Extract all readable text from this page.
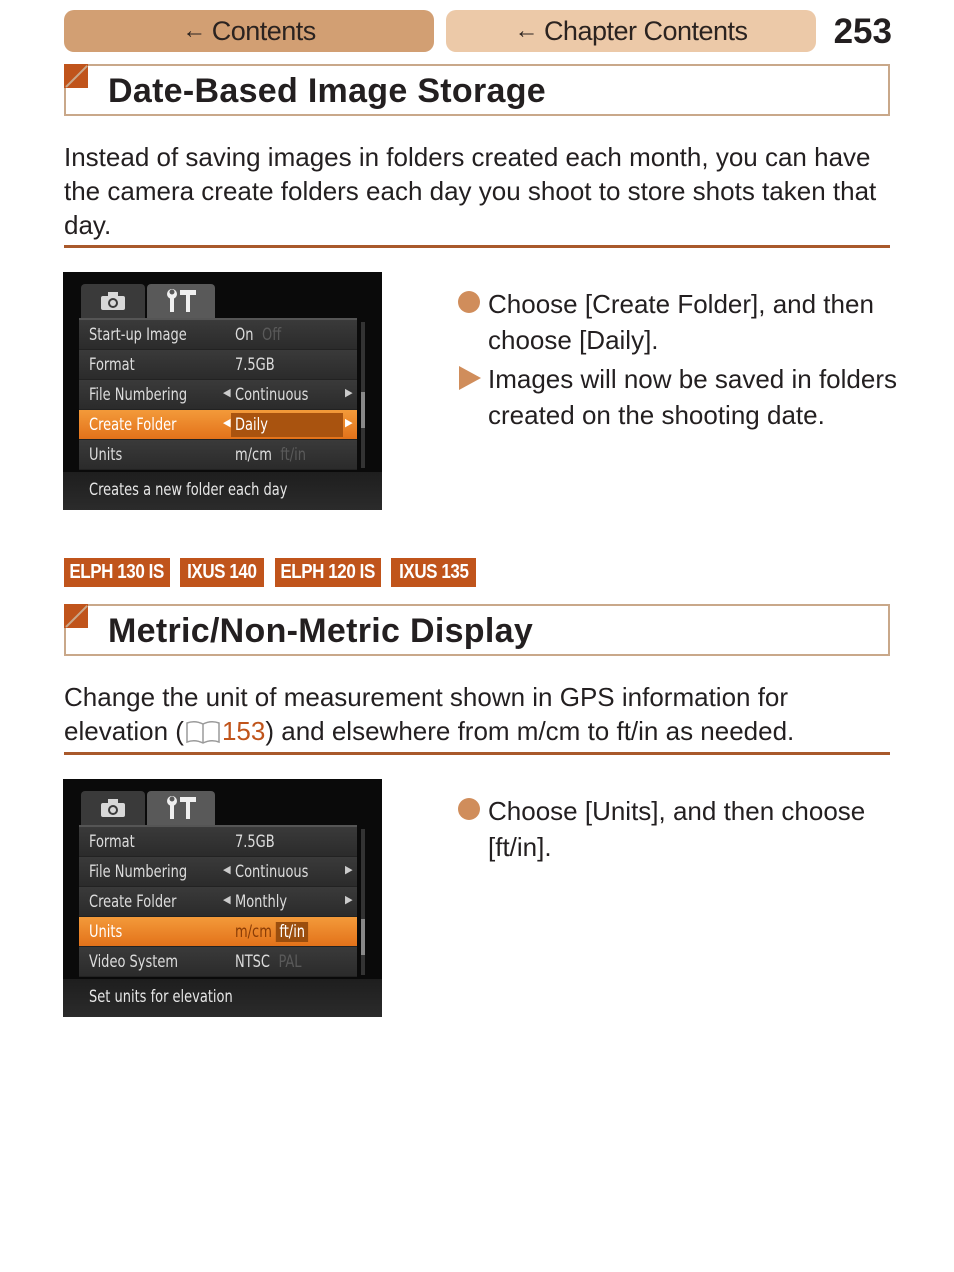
← Contents	← Chapter Contents 253
Date-Based Image Storage
Instead of saving images in folders created each month, you can have the camera create folders each day you shoot to store shots taken that day.
Start-up Image	On Off
Format	7.5GB
File Numbering	◀ Continuous	▶
Create Folder	◀ Daily	▶
Units	m/cm ft/in
Creates a new folder each day
Choose [Create Folder], and then choose [Daily].
Images will now be saved in folders created on the shooting date.
ELPH 130 IS IXUS 140 ELPH 120 IS IXUS 135
Metric/Non-Metric Display
Change the unit of measurement shown in GPS information for elevation ( 153) and elsewhere from m/cm to ft/in as needed.
Format	7.5GB
File Numbering	◀ Continuous	▶
Create Folder	◀ Monthly	▶
Units	m/cm ft/in
Video System	NTSC PAL
Set units for elevation
Choose [Units], and then choose [ft/in].
